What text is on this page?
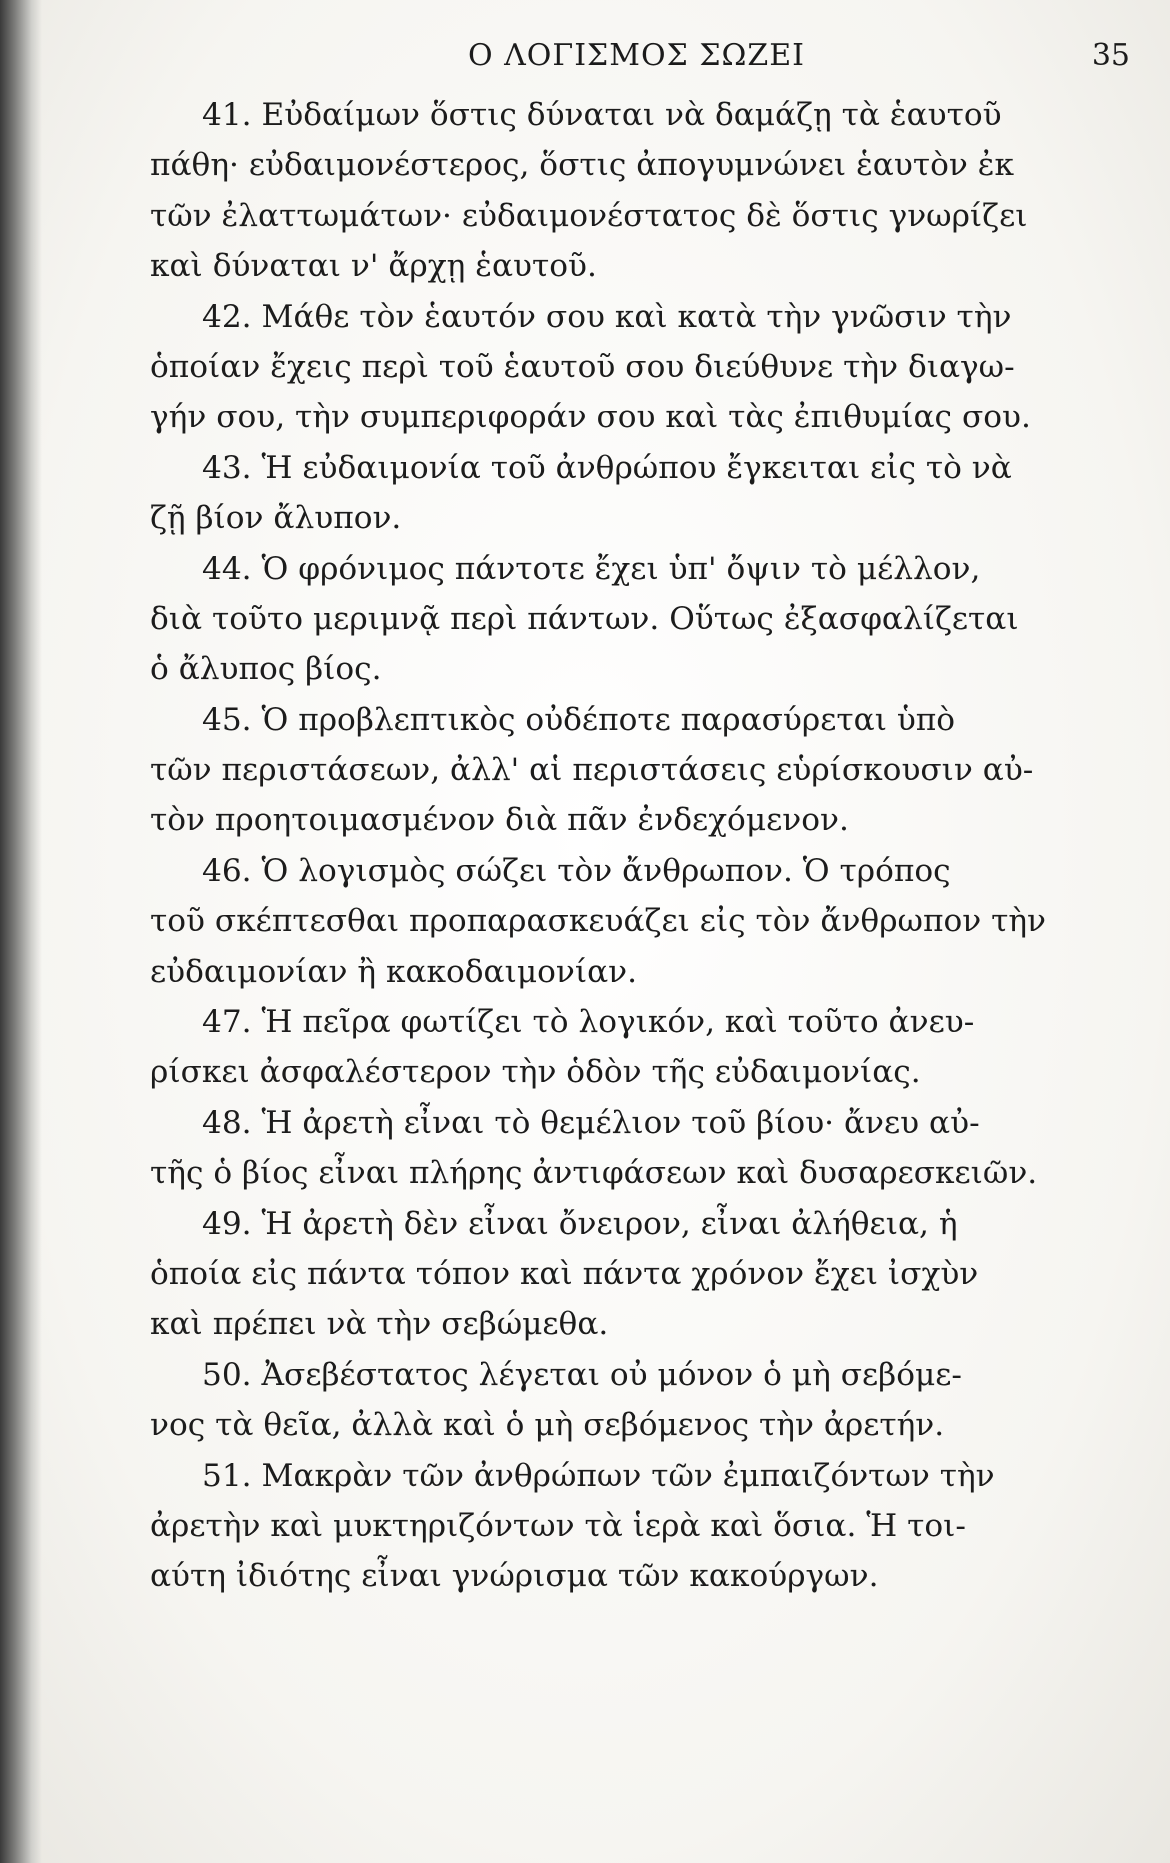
Ο ΛΟΓΙΣΜΟΣ ΣΩΖΕΙ	35
41. Εὐδαίμων ὅστις δύναται νὰ δαμάζῃ τὰ ἑαυτοῦ
πάθη· εὐδαιμονέστερος, ὅστις ἀπογυμνώνει ἑαυτὸν ἐκ
τῶν ἐλαττωμάτων· εὐδαιμονέστατος δὲ ὅστις γνωρίζει
καὶ δύναται ν' ἄρχῃ ἑαυτοῦ.
42. Μάθε τὸν ἑαυτόν σου καὶ κατὰ τὴν γνῶσιν τὴν
ὁποίαν ἔχεις περὶ τοῦ ἑαυτοῦ σου διεύθυνε τὴν διαγω-
γήν σου, τὴν συμπεριφοράν σου καὶ τὰς ἐπιθυμίας σου.
43. Ἡ εὐδαιμονία τοῦ ἀνθρώπου ἔγκειται εἰς τὸ νὰ
ζῇ βίον ἄλυπον.
44. Ὁ φρόνιμος πάντοτε ἔχει ὑπ' ὄψιν τὸ μέλλον,
διὰ τοῦτο μεριμνᾷ περὶ πάντων. Οὕτως ἐξασφαλίζεται
ὁ ἄλυπος βίος.
45. Ὁ προβλεπτικὸς οὐδέποτε παρασύρεται ὑπὸ
τῶν περιστάσεων, ἀλλ' αἱ περιστάσεις εὑρίσκουσιν αὐ-
τὸν προητοιμασμένον διὰ πᾶν ἐνδεχόμενον.
46. Ὁ λογισμὸς σώζει τὸν ἄνθρωπον. Ὁ τρόπος
τοῦ σκέπτεσθαι προπαρασκευάζει εἰς τὸν ἄνθρωπον τὴν
εὐδαιμονίαν ἢ κακοδαιμονίαν.
47. Ἡ πεῖρα φωτίζει τὸ λογικόν, καὶ τοῦτο ἀνευ-
ρίσκει ἀσφαλέστερον τὴν ὁδὸν τῆς εὐδαιμονίας.
48. Ἡ ἀρετὴ εἶναι τὸ θεμέλιον τοῦ βίου· ἄνευ αὐ-
τῆς ὁ βίος εἶναι πλήρης ἀντιφάσεων καὶ δυσαρεσκειῶν.
49. Ἡ ἀρετὴ δὲν εἶναι ὄνειρον, εἶναι ἀλήθεια, ἡ
ὁποία εἰς πάντα τόπον καὶ πάντα χρόνον ἔχει ἰσχὺν
καὶ πρέπει νὰ τὴν σεβώμεθα.
50. Ἀσεβέστατος λέγεται οὐ μόνον ὁ μὴ σεβόμε-
νος τὰ θεῖα, ἀλλὰ καὶ ὁ μὴ σεβόμενος τὴν ἀρετήν.
51. Μακρὰν τῶν ἀνθρώπων τῶν ἐμπαιζόντων τὴν
ἀρετὴν καὶ μυκτηριζόντων τὰ ἱερὰ καὶ ὅσια. Ἡ τοι-
αύτη ἰδιότης εἶναι γνώρισμα τῶν κακούργων.
